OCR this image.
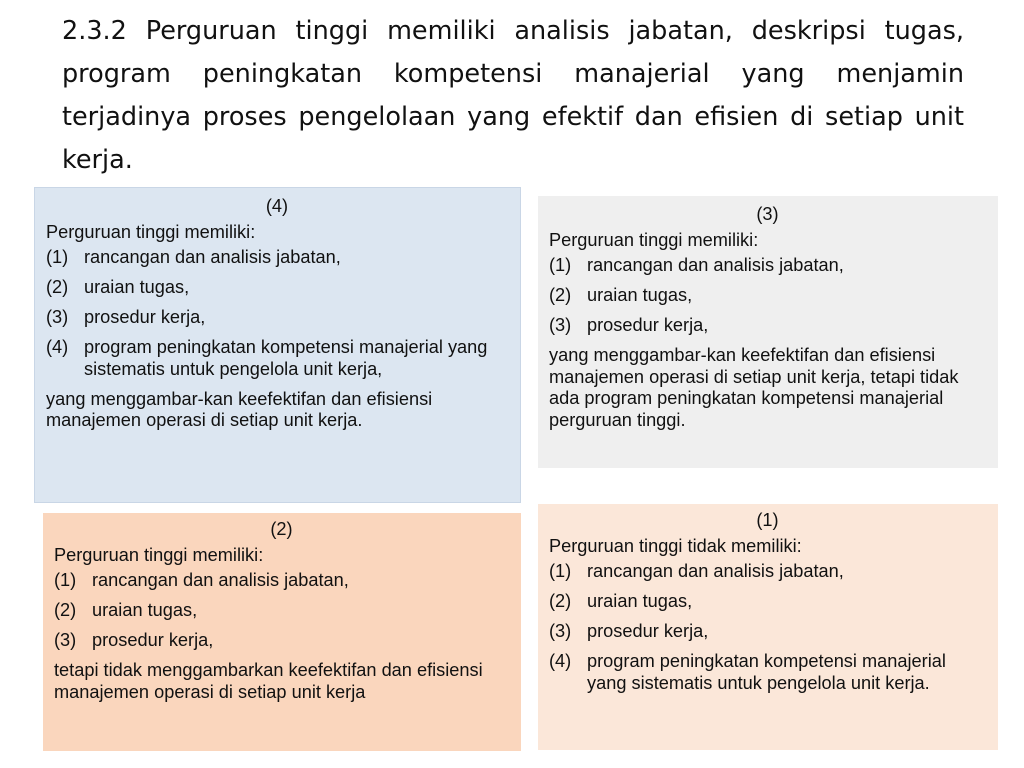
2.3.2 Perguruan tinggi memiliki analisis jabatan, deskripsi tugas, program peningkatan kompetensi manajerial yang menjamin terjadinya proses pengelolaan yang efektif dan efisien di setiap unit kerja.

(4)

Perguruan tinggi memiliki:

(1) rancangan dan analisis jabatan,
(2) uraian tugas,
(3) prosedur kerja,
(4) program peningkatan kompetensi manajerial yang sistematis untuk pengelola unit kerja,

yang menggambar-kan keefektifan dan efisiensi manajemen operasi di setiap unit kerja.

(3)

Perguruan tinggi memiliki:

(1) rancangan dan analisis jabatan,
(2) uraian tugas,
(3) prosedur kerja,

yang menggambar-kan keefektifan dan efisiensi manajemen operasi di setiap unit kerja, tetapi tidak ada program peningkatan kompetensi manajerial perguruan tinggi.

(2)

Perguruan tinggi memiliki:

(1) rancangan dan analisis jabatan,
(2) uraian tugas,
(3) prosedur kerja,

tetapi tidak menggambarkan keefektifan dan efisiensi manajemen operasi di setiap unit kerja

(1)

Perguruan tinggi tidak memiliki:

(1) rancangan dan analisis jabatan,
(2) uraian tugas,
(3) prosedur kerja,
(4) program peningkatan kompetensi manajerial yang sistematis untuk pengelola unit kerja.
